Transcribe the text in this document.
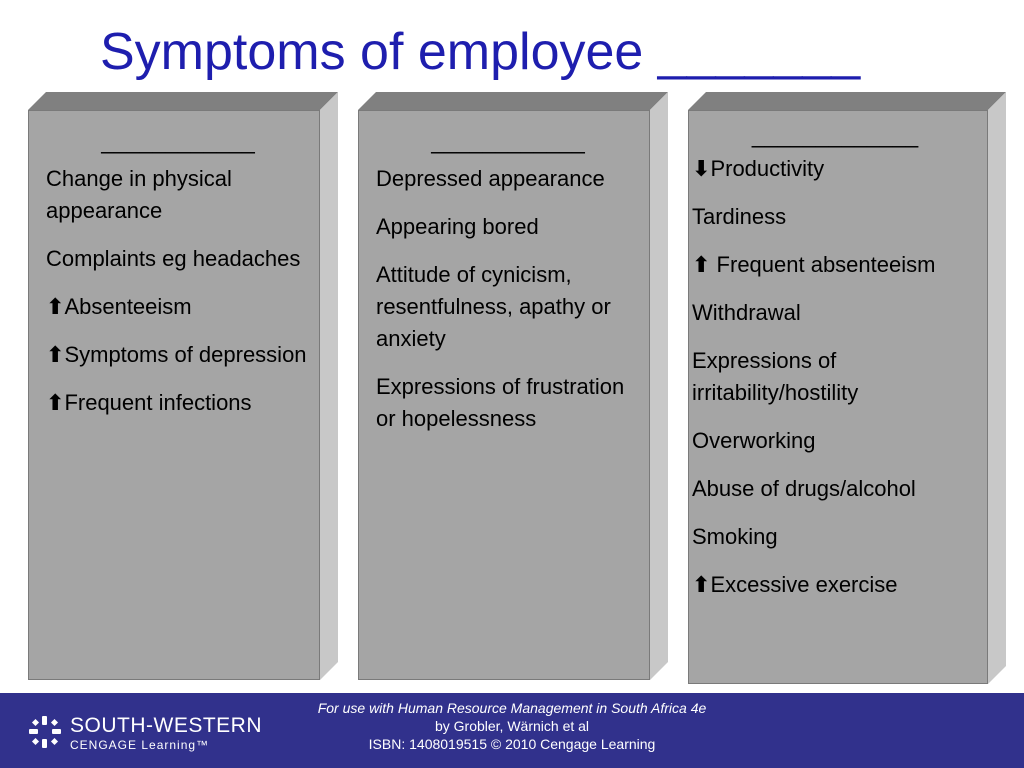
Symptoms of employee _______
____________
Change in physical appearance
Complaints eg headaches
⬆Absenteeism
⬆Symptoms of depression
⬆Frequent infections
____________
Depressed appearance
Appearing bored
Attitude of cynicism, resentfulness, apathy or anxiety
Expressions of frustration or hopelessness
_____________
⬇Productivity
Tardiness
⬆ Frequent absenteeism
Withdrawal
Expressions of irritability/hostility
Overworking
Abuse of drugs/alcohol
Smoking
⬆Excessive exercise
SOUTH-WESTERN
CENGAGE Learning™
For use with Human Resource Management in South Africa 4e
by Grobler, Wärnich et al
ISBN: 1408019515 © 2010 Cengage Learning
